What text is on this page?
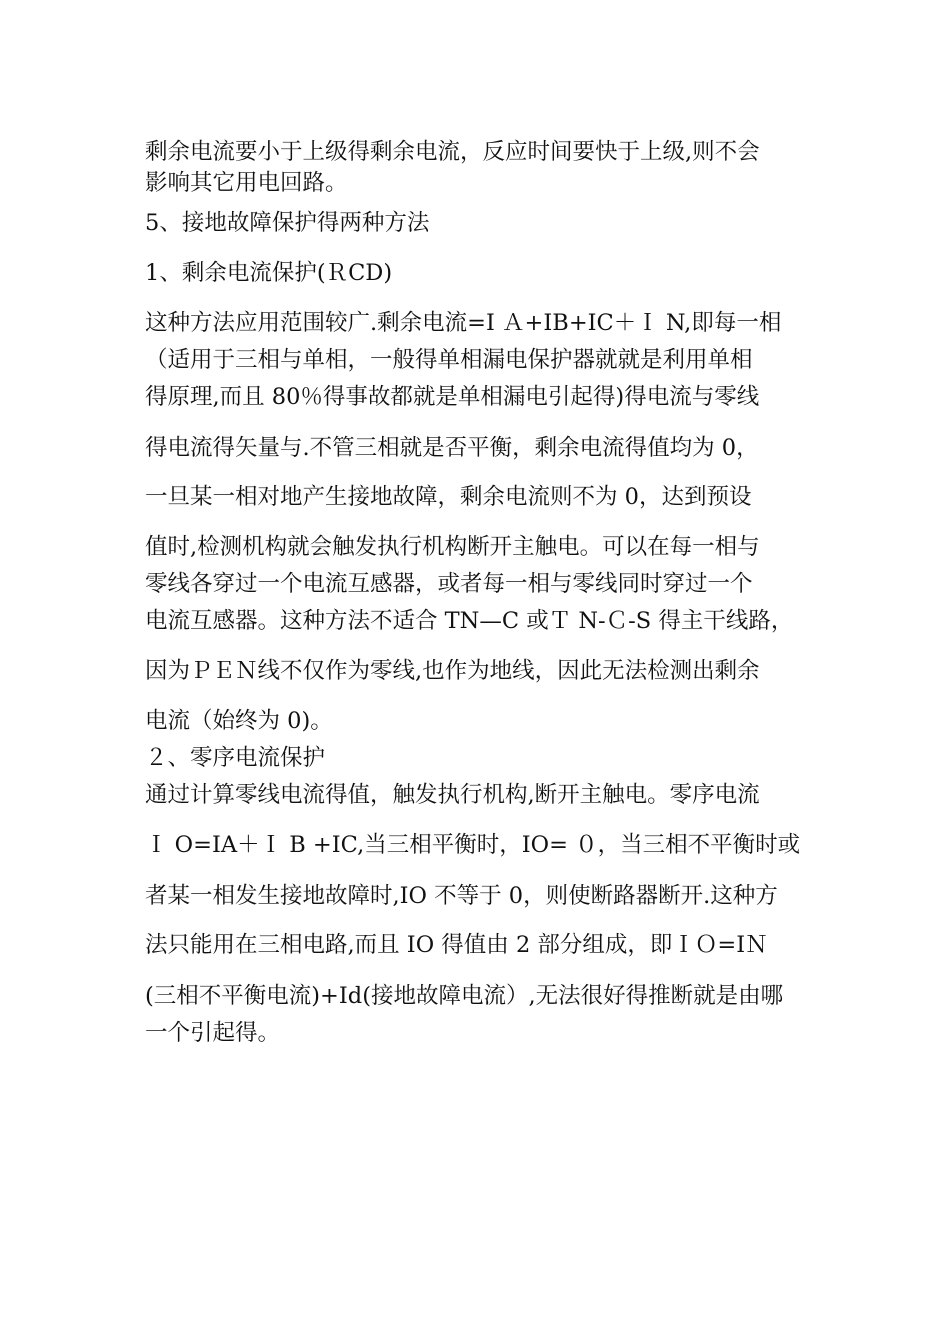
剩余电流要小于上级得剩余电流，反应时间要快于上级,则不会
影响其它用电回路。
5、接地故障保护得两种方法
1、剩余电流保护(ＲCD)
这种方法应用范围较广.剩余电流=I Ａ+IB+IC＋Ｉ N,即每一相
（适用于三相与单相，一般得单相漏电保护器就就是利用单相
得原理,而且 80％得事故都就是单相漏电引起得)得电流与零线
得电流得矢量与.不管三相就是否平衡，剩余电流得值均为 0，
一旦某一相对地产生接地故障，剩余电流则不为 0，达到预设
值时,检测机构就会触发执行机构断开主触电。可以在每一相与
零线各穿过一个电流互感器，或者每一相与零线同时穿过一个
电流互感器。这种方法不适合 TN—C 或Ｔ N-Ｃ-S 得主干线路，
因为ＰＥＮ线不仅作为零线,也作为地线，因此无法检测出剩余
电流（始终为 0)。
２、零序电流保护
通过计算零线电流得值，触发执行机构,断开主触电。零序电流
Ｉ O=IA＋Ｉ B +IC,当三相平衡时，IO= ０，当三相不平衡时或
者某一相发生接地故障时,IO 不等于 0，则使断路器断开.这种方
法只能用在三相电路,而且 IO 得值由 2 部分组成，即ＩＯ=IＮ
(三相不平衡电流)+Id(接地故障电流）,无法很好得推断就是由哪
一个引起得。
